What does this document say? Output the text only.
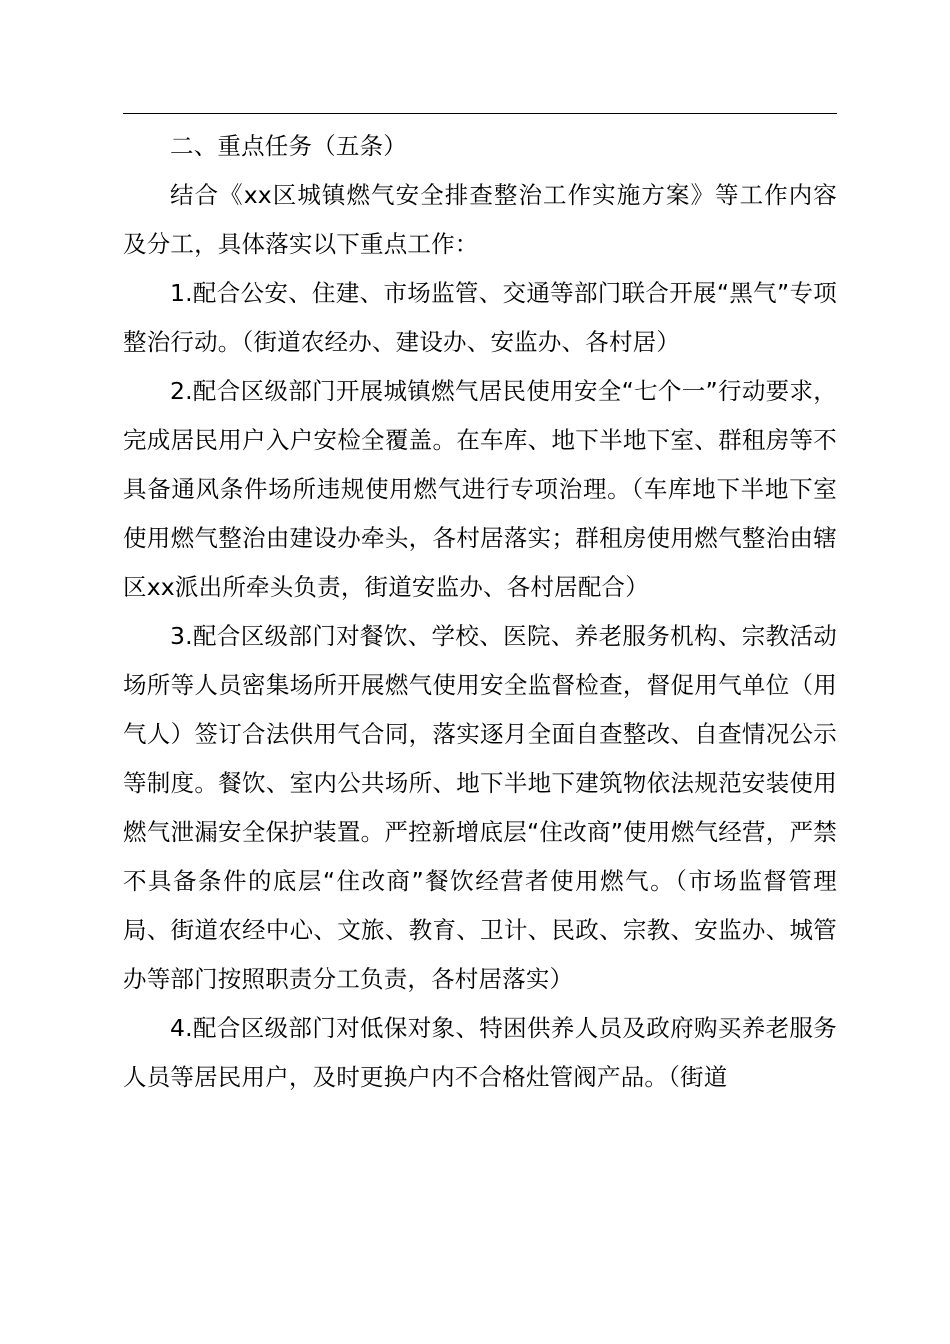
二、重点任务（五条）

结合《xx区城镇燃气安全排查整治工作实施方案》等工作内容及分工，具体落实以下重点工作：

1.配合公安、住建、市场监管、交通等部门联合开展“黑气”专项整治行动。（街道农经办、建设办、安监办、各村居）

2.配合区级部门开展城镇燃气居民使用安全“七个一”行动要求，完成居民用户入户安检全覆盖。在车库、地下半地下室、群租房等不具备通风条件场所违规使用燃气进行专项治理。（车库地下半地下室使用燃气整治由建设办牵头，各村居落实；群租房使用燃气整治由辖区xx派出所牵头负责，街道安监办、各村居配合）

3.配合区级部门对餐饮、学校、医院、养老服务机构、宗教活动场所等人员密集场所开展燃气使用安全监督检查，督促用气单位（用气人）签订合法供用气合同，落实逐月全面自查整改、自查情况公示等制度。餐饮、室内公共场所、地下半地下建筑物依法规范安装使用燃气泄漏安全保护装置。严控新增底层“住改商”使用燃气经营，严禁不具备条件的底层“住改商”餐饮经营者使用燃气。（市场监督管理局、街道农经中心、文旅、教育、卫计、民政、宗教、安监办、城管办等部门按照职责分工负责，各村居落实）

4.配合区级部门对低保对象、特困供养人员及政府购买养老服务人员等居民用户，及时更换户内不合格灶管阀产品。（街道
